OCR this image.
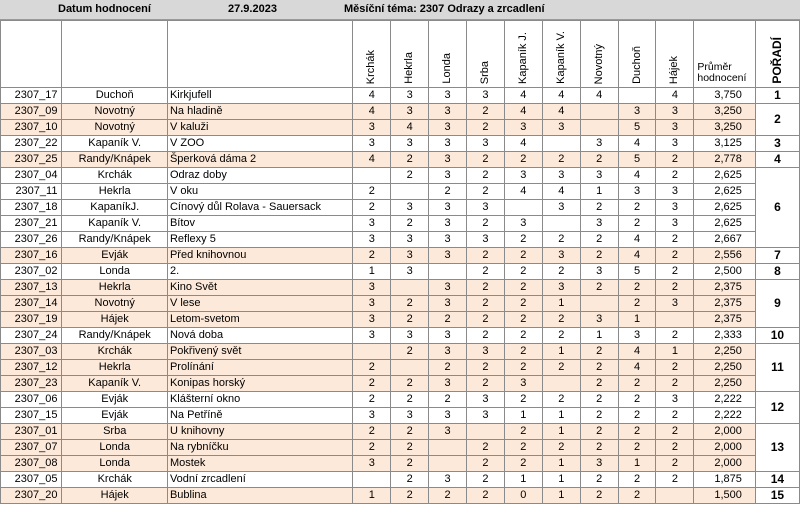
Datum hodnocení	27.9.2023	Měsíční téma: 2307 Odrazy a zrcadlení

			Krchák	Hekrla	Londa	Srba	Kapaník J.	Kapaník V.	Novotný	Duchoň	Hájek	Průměr hodnocení	POŘADÍ

2307_17	Duchoň	Kirkjufell	4	3	3	3	4	4	4		4	3,750	1
2307_09	Novotný	Na hladině	4	3	3	2	4	4		3	3	3,250	2
2307_10	Novotný	V kaluži	3	4	3	2	3	3		5	3	3,250	
2307_22	Kapaník V.	V ZOO	3	3	3	3	4		3	4	3	3,125	3
2307_25	Randy/Knápek	Šperková dáma 2	4	2	3	2	2	2	2	5	2	2,778	4
2307_04	Krchák	Odraz doby		2	3	2	3	3	3	4	2	2,625	6
2307_11	Hekrla	V oku	2		2	2	4	4	1	3	3	2,625	
2307_18	KapaníkJ.	Cínový důl Rolava - Sauersack	2	3	3	3		3	2	2	3	2,625	
2307_21	Kapaník V.	Bítov	3	2	3	2	3		3	2	3	2,625	
2307_26	Randy/Knápek	Reflexy 5	3	3	3	3	2	2	2	4	2	2,667	
2307_16	Evják	Před knihovnou	2	3	3	2	2	3	2	4	2	2,556	7
2307_02	Londa	2.	1	3		2	2	2	3	5	2	2,500	8
2307_13	Hekrla	Kino Svět	3		3	2	2	3	2	2	2	2,375	9
2307_14	Novotný	V lese	3	2	3	2	2	1		2	3	2,375	
2307_19	Hájek	Letom-svetom	3	2	2	2	2	2	3	1		2,375	
2307_24	Randy/Knápek	Nová doba	3	3	3	2	2	2	1	3	2	2,333	10
2307_03	Krchák	Pokřivený svět		2	3	3	2	1	2	4	1	2,250	11
2307_12	Hekrla	Prolínání	2		2	2	2	2	2	4	2	2,250	
2307_23	Kapaník V.	Konipas horský	2	2	3	2	3		2	2	2	2,250	
2307_06	Evják	Klášterní okno	2	2	2	3	2	2	2	2	3	2,222	12
2307_15	Evják	Na Petříně	3	3	3	3	1	1	2	2	2	2,222	
2307_01	Srba	U knihovny	2	2	3		2	1	2	2	2	2,000	13
2307_07	Londa	Na rybníčku	2	2		2	2	2	2	2	2	2,000	
2307_08	Londa	Mostek	3	2		2	2	1	3	1	2	2,000	
2307_05	Krchák	Vodní zrcadlení		2	3	2	1	1	2	2	2	1,875	14
2307_20	Hájek	Bublina	1	2	2	2	0	1	2	2		1,500	15
